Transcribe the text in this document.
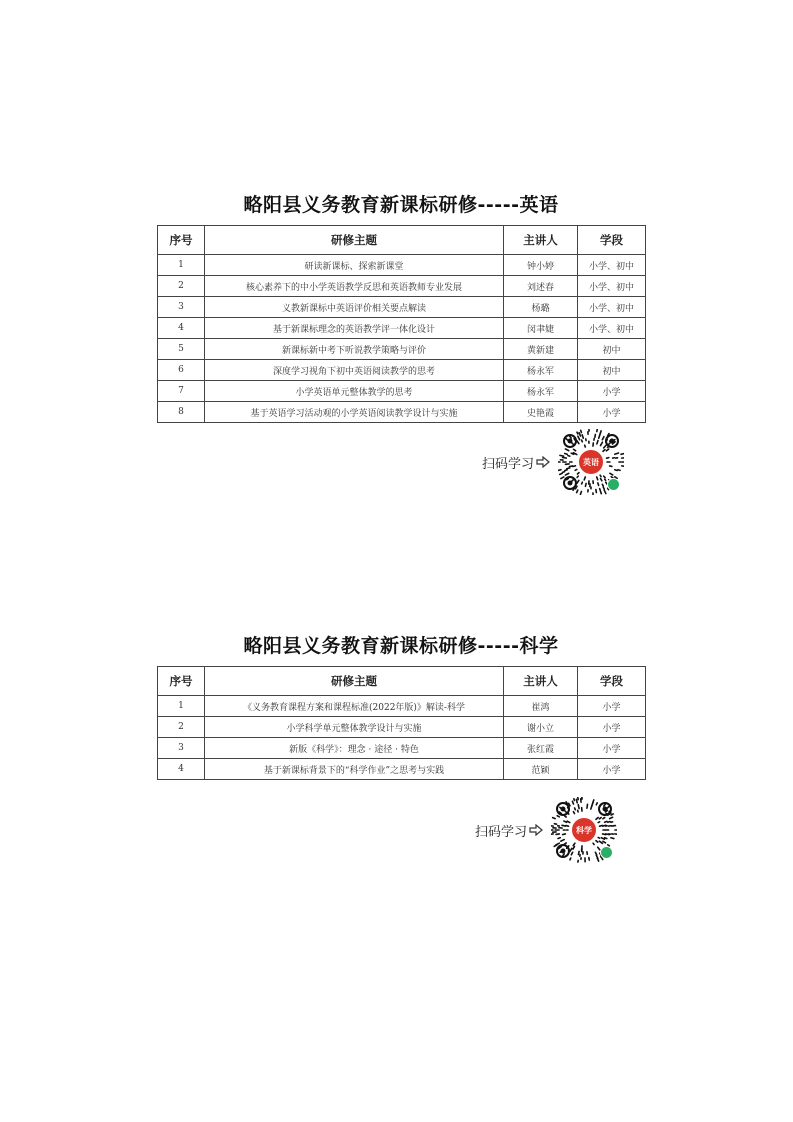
略阳县义务教育新课标研修-----英语
序号	研修主题	主讲人	学段
1	研读新课标、探索新课堂	钟小婷	小学、初中
2	核心素养下的中小学英语教学反思和英语教师专业发展	刘述春	小学、初中
3	义教新课标中英语评价相关要点解读	杨璐	小学、初中
4	基于新课标理念的英语教学评一体化设计	闵聿婕	小学、初中
5	新课标新中考下听说教学策略与评价	黄新建	初中
6	深度学习视角下初中英语阅读教学的思考	杨永军	初中
7	小学英语单元整体教学的思考	杨永军	小学
8	基于英语学习活动观的小学英语阅读教学设计与实施	史艳霞	小学
扫码学习	英语
略阳县义务教育新课标研修-----科学
序号	研修主题	主讲人	学段
1	《义务教育课程方案和课程标准(2022年版)》解读-科学	崔鸿	小学
2	小学科学单元整体教学设计与实施	谢小立	小学
3	新版《科学》：理念 · 途径 · 特色	张红霞	小学
4	基于新课标背景下的“科学作业”之思考与实践	范颖	小学
扫码学习	科学
